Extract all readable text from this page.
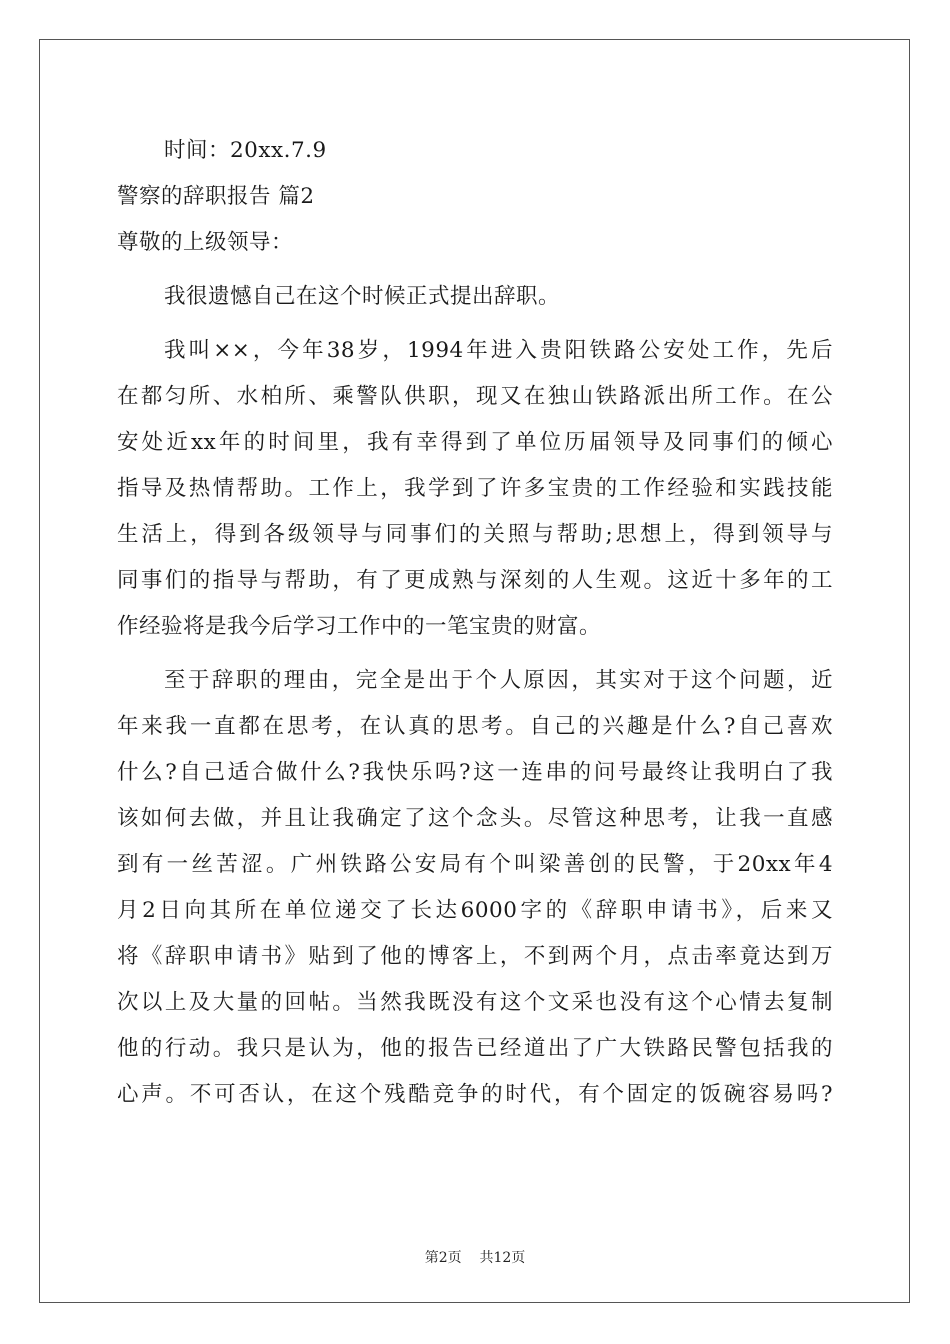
时间：20xx.7.9
警察的辞职报告 篇2
尊敬的上级领导：
我很遗憾自己在这个时候正式提出辞职。
我叫××，今年38岁，1994年进入贵阳铁路公安处工作，先后
在都匀所、水柏所、乘警队供职，现又在独山铁路派出所工作。在公
安处近xx年的时间里，我有幸得到了单位历届领导及同事们的倾心
指导及热情帮助。工作上，我学到了许多宝贵的工作经验和实践技能
生活上，得到各级领导与同事们的关照与帮助;思想上，得到领导与
同事们的指导与帮助，有了更成熟与深刻的人生观。这近十多年的工
作经验将是我今后学习工作中的一笔宝贵的财富。
至于辞职的理由，完全是出于个人原因，其实对于这个问题，近
年来我一直都在思考，在认真的思考。自己的兴趣是什么?自己喜欢
什么?自己适合做什么?我快乐吗?这一连串的问号最终让我明白了我
该如何去做，并且让我确定了这个念头。尽管这种思考，让我一直感
到有一丝苦涩。广州铁路公安局有个叫梁善创的民警，于20xx年4
月2日向其所在单位递交了长达6000字的《辞职申请书》，后来又
将《辞职申请书》贴到了他的博客上，不到两个月，点击率竟达到万
次以上及大量的回帖。当然我既没有这个文采也没有这个心情去复制
他的行动。我只是认为，他的报告已经道出了广大铁路民警包括我的
心声。不可否认，在这个残酷竞争的时代，有个固定的饭碗容易吗?
第2页 共12页
